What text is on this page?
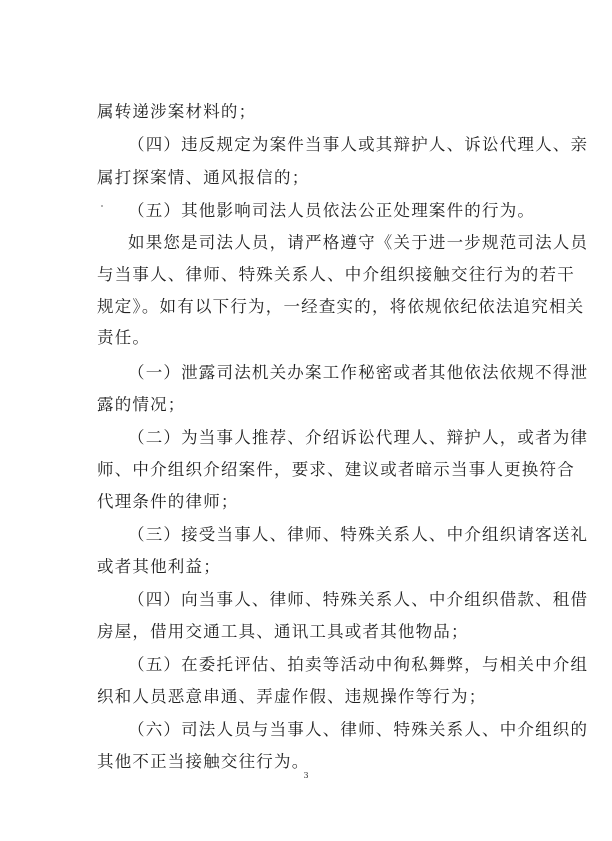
属转递涉案材料的；
（四）违反规定为案件当事人或其辩护人、诉讼代理人、亲
属打探案情、通风报信的；
（五）其他影响司法人员依法公正处理案件的行为。
如果您是司法人员，请严格遵守《关于进一步规范司法人员
与当事人、律师、特殊关系人、中介组织接触交往行为的若干
规定》。如有以下行为，一经查实的，将依规依纪依法追究相关
责任。
（一）泄露司法机关办案工作秘密或者其他依法依规不得泄
露的情况；
（二）为当事人推荐、介绍诉讼代理人、辩护人，或者为律
师、中介组织介绍案件，要求、建议或者暗示当事人更换符合
代理条件的律师；
（三）接受当事人、律师、特殊关系人、中介组织请客送礼
或者其他利益；
（四）向当事人、律师、特殊关系人、中介组织借款、租借
房屋，借用交通工具、通讯工具或者其他物品；
（五）在委托评估、拍卖等活动中徇私舞弊，与相关中介组
织和人员恶意串通、弄虚作假、违规操作等行为；
（六）司法人员与当事人、律师、特殊关系人、中介组织的
其他不正当接触交往行为。
3
